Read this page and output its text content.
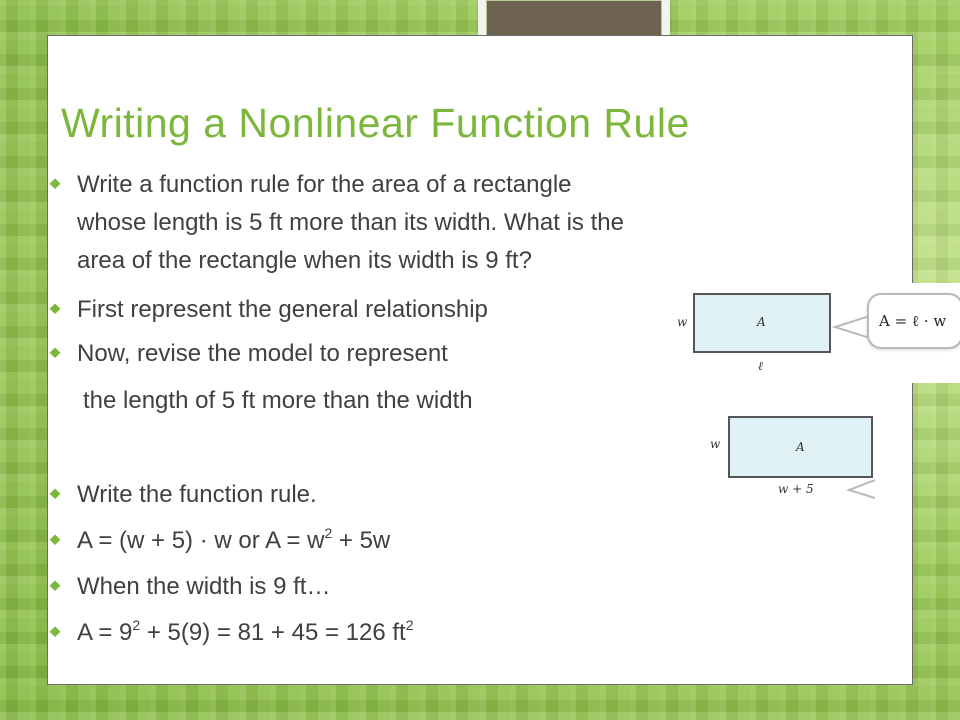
Writing a Nonlinear Function Rule
⯁ Write a function rule for the area of a rectangle
whose length is 5 ft more than its width. What is the
area of the rectangle when its width is 9 ft?
⯁ First represent the general relationship
⯁ Now, revise the model to represent
the length of 5 ft more than the width
⯁ Write the function rule.
⯁ A = (w + 5) · w or $A = w^2 + 5w$
⯁ When the width is 9 ft…
⯁ $A = 9^2 + 5(9) = 81 + 45 = 126$ $ft^2$
w	A
ℓ
A = ℓ · w
w	A
w + 5
